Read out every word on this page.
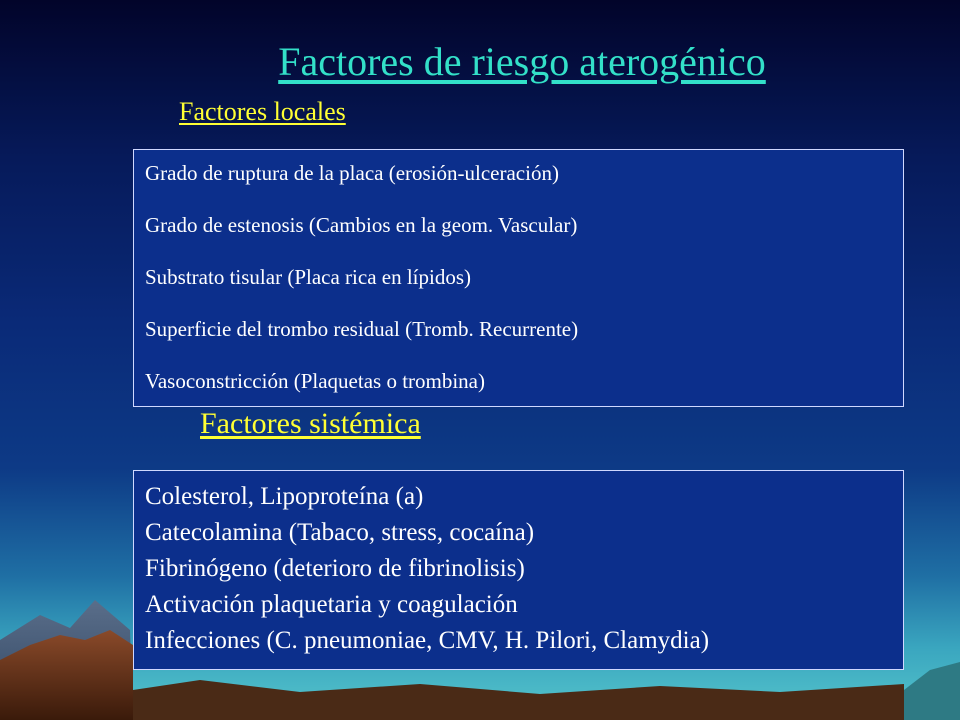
Factores de riesgo aterogénico
Factores locales
Grado de ruptura de la placa (erosión-ulceración)
Grado de estenosis (Cambios en la geom. Vascular)
Substrato tisular (Placa rica en lípidos)
Superficie del trombo residual (Tromb. Recurrente)
Vasoconstricción (Plaquetas o trombina)
Factores sistémica
Colesterol, Lipoproteína (a)
Catecolamina (Tabaco, stress, cocaína)
Fibrinógeno (deterioro de fibrinolisis)
Activación plaquetaria y coagulación
Infecciones (C. pneumoniae, CMV, H. Pilori, Clamydia)
